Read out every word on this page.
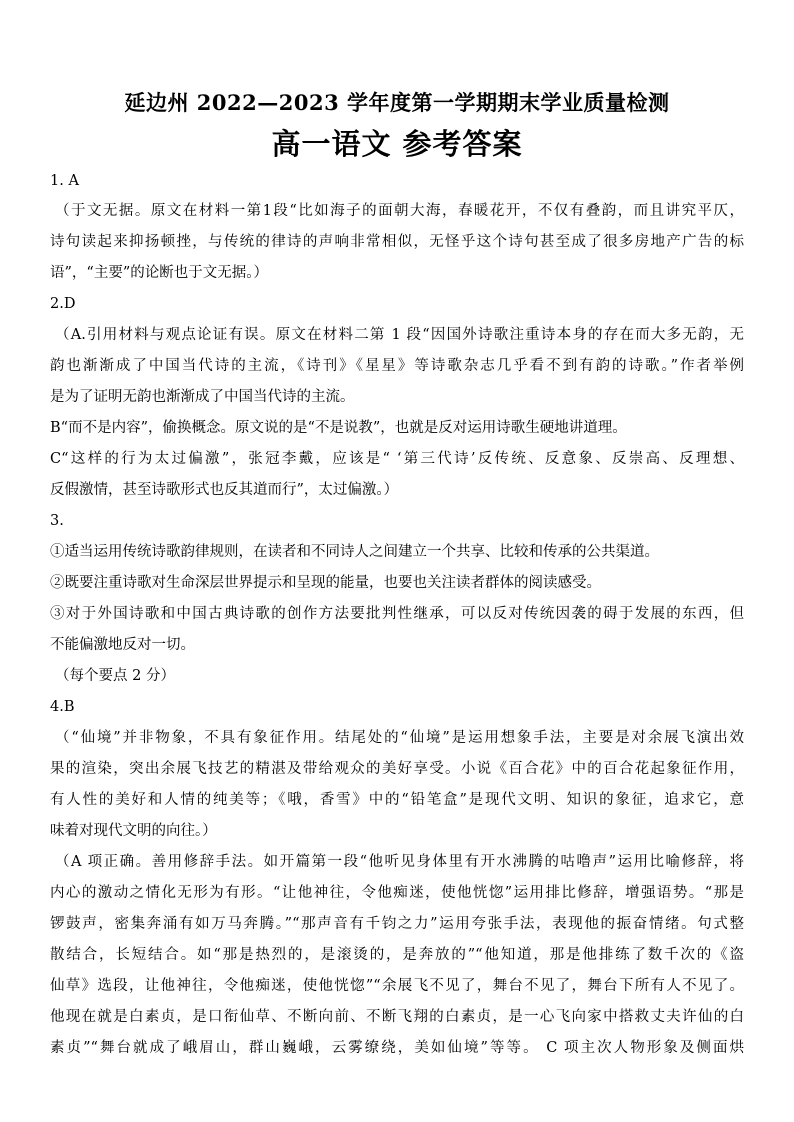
延边州 2022—2023 学年度第一学期期末学业质量检测
高一语文 参考答案
1. A
（于文无据。原文在材料一第1段“比如海子的面朝大海，春暖花开，不仅有叠韵，而且讲究平仄，
诗句读起来抑扬顿挫，与传统的律诗的声响非常相似，无怪乎这个诗句甚至成了很多房地产广告的标
语”，“主要”的论断也于文无据。）
2.D
（A.引用材料与观点论证有误。原文在材料二第 1 段“因国外诗歌注重诗本身的存在而大多无韵，无
韵也渐渐成了中国当代诗的主流，《诗刊》《星星》等诗歌杂志几乎看不到有韵的诗歌。”作者举例
是为了证明无韵也渐渐成了中国当代诗的主流。
B“而不是内容”，偷换概念。原文说的是“不是说教”，也就是反对运用诗歌生硬地讲道理。
C“这样的行为太过偏激”，张冠李戴，应该是“ ‘第三代诗’反传统、反意象、反崇高、反理想、
反假激情，甚至诗歌形式也反其道而行”，太过偏激。）
3.
①适当运用传统诗歌韵律规则，在读者和不同诗人之间建立一个共享、比较和传承的公共渠道。
②既要注重诗歌对生命深层世界提示和呈现的能量，也要也关注读者群体的阅读感受。
③对于外国诗歌和中国古典诗歌的创作方法要批判性继承，可以反对传统因袭的碍于发展的东西，但
不能偏激地反对一切。
（每个要点 2 分）
4.B
（“仙境”并非物象，不具有象征作用。结尾处的“仙境”是运用想象手法，主要是对余展飞演出效
果的渲染，突出余展飞技艺的精湛及带给观众的美好享受。小说《百合花》中的百合花起象征作用，
有人性的美好和人情的纯美等；《哦，香雪》中的“铅笔盒”是现代文明、知识的象征，追求它，意
味着对现代文明的向往。）
（A 项正确。善用修辞手法。如开篇第一段“他听见身体里有开水沸腾的咕噜声”运用比喻修辞，将
内心的激动之情化无形为有形。“让他神往，令他痴迷，使他恍惚”运用排比修辞，增强语势。“那是
锣鼓声，密集奔涌有如万马奔腾。”“那声音有千钧之力”运用夸张手法，表现他的振奋情绪。句式整
散结合，长短结合。如“那是热烈的，是滚烫的，是奔放的”“他知道，那是他排练了数千次的《盗
仙草》选段，让他神往，令他痴迷，使他恍惚”“余展飞不见了，舞台不见了，舞台下所有人不见了。
他现在就是白素贞，是口衔仙草、不断向前、不断飞翔的白素贞，是一心飞向家中搭救丈夫许仙的白
素贞”“舞台就成了峨眉山，群山巍峨，云雾缭绕，美如仙境”等等。 C 项主次人物形象及侧面烘
